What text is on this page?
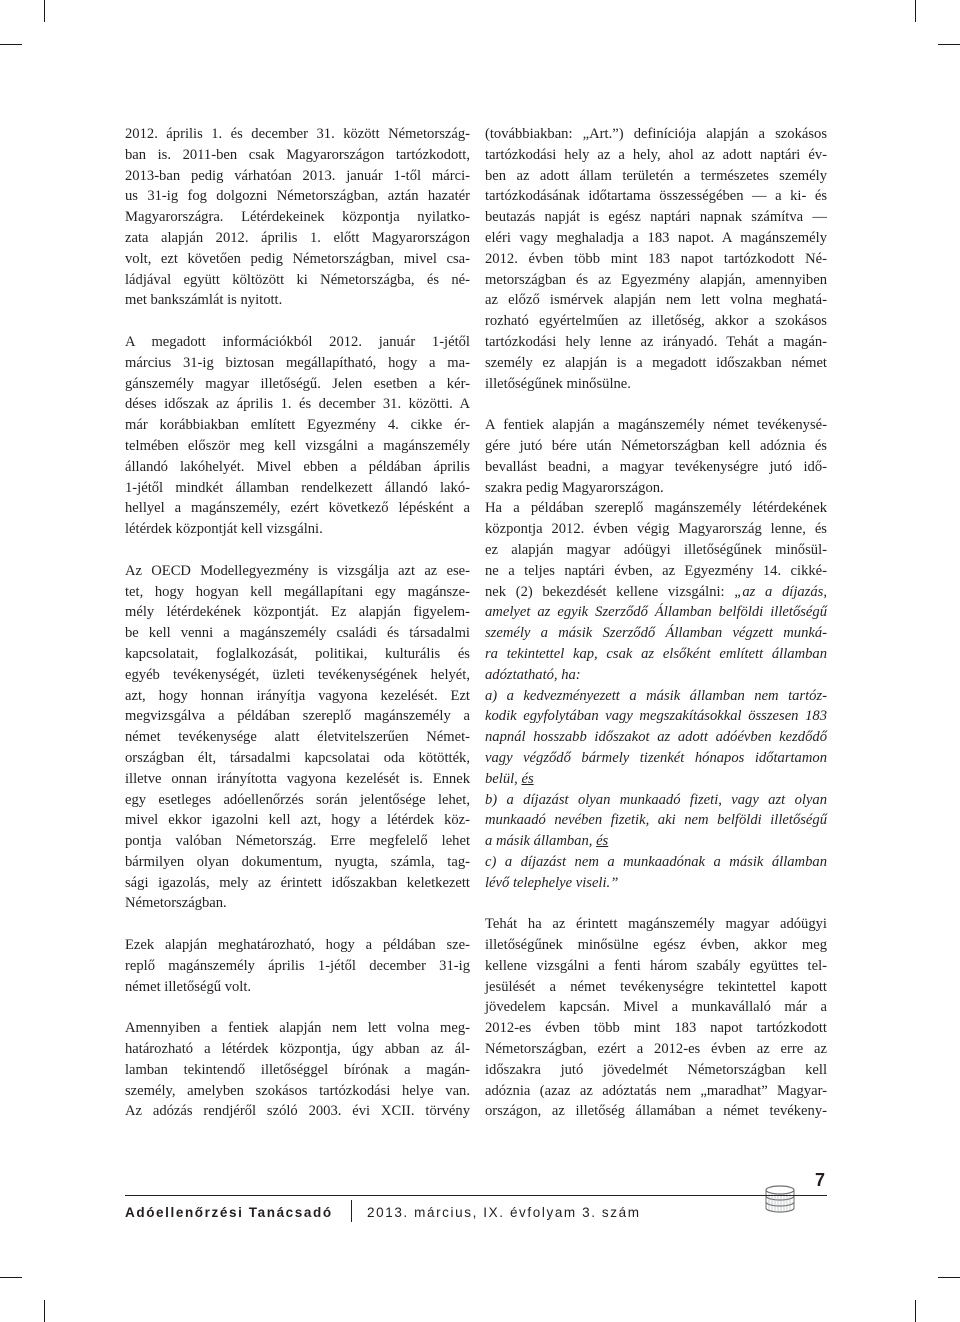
2012. április 1. és december 31. között Németország-
ban is. 2011-ben csak Magyarországon tartózkodott,
2013-ban pedig várhatóan 2013. január 1-től márci-
us 31-ig fog dolgozni Németországban, aztán hazatér
Magyarországra. Létérdekeinek központja nyilatko-
zata alapján 2012. április 1. előtt Magyarországon
volt, ezt követően pedig Németországban, mivel csa-
ládjával együtt költözött ki Németországba, és né-
met bankszámlát is nyitott.
A megadott információkból 2012. január 1-jétől
március 31-ig biztosan megállapítható, hogy a ma-
gánszemély magyar illetőségű. Jelen esetben a kér-
déses időszak az április 1. és december 31. közötti. A
már korábbiakban említett Egyezmény 4. cikke ér-
telmében először meg kell vizsgálni a magánszemély
állandó lakóhelyét. Mivel ebben a példában április
1-jétől mindkét államban rendelkezett állandó lakó-
hellyel a magánszemély, ezért következő lépésként a
létérdek központját kell vizsgálni.
Az OECD Modellegyezmény is vizsgálja azt az ese-
tet, hogy hogyan kell megállapítani egy magánsze-
mély létérdekének központját. Ez alapján figyelem-
be kell venni a magánszemély családi és társadalmi
kapcsolatait, foglalkozását, politikai, kulturális és
egyéb tevékenységét, üzleti tevékenységének helyét,
azt, hogy honnan irányítja vagyona kezelését. Ezt
megvizsgálva a példában szereplő magánszemély a
német tevékenysége alatt életvitelszerűen Német-
országban élt, társadalmi kapcsolatai oda kötötték,
illetve onnan irányította vagyona kezelését is. Ennek
egy esetleges adóellenőrzés során jelentősége lehet,
mivel ekkor igazolni kell azt, hogy a létérdek köz-
pontja valóban Németország. Erre megfelelő lehet
bármilyen olyan dokumentum, nyugta, számla, tag-
sági igazolás, mely az érintett időszakban keletkezett
Németországban.
Ezek alapján meghatározható, hogy a példában sze-
replő magánszemély április 1-jétől december 31-ig
német illetőségű volt.
Amennyiben a fentiek alapján nem lett volna meg-
határozható a létérdek központja, úgy abban az ál-
lamban tekintendő illetőséggel bírónak a magán-
személy, amelyben szokásos tartózkodási helye van.
Az adózás rendjéről szóló 2003. évi XCII. törvény
(továbbiakban: „Art.”) definíciója alapján a szokásos
tartózkodási hely az a hely, ahol az adott naptári év-
ben az adott állam területén a természetes személy
tartózkodásának időtartama összességében — a ki- és
beutazás napját is egész naptári napnak számítva —
eléri vagy meghaladja a 183 napot. A magánszemély
2012. évben több mint 183 napot tartózkodott Né-
metországban és az Egyezmény alapján, amennyiben
az előző ismérvek alapján nem lett volna meghatá-
rozható egyértelműen az illetőség, akkor a szokásos
tartózkodási hely lenne az irányadó. Tehát a magán-
személy ez alapján is a megadott időszakban német
illetőségűnek minősülne.
A fentiek alapján a magánszemély német tevékenysé-
gére jutó bére után Németországban kell adóznia és
bevallást beadni, a magyar tevékenységre jutó idő-
szakra pedig Magyarországon.
Ha a példában szereplő magánszemély létérdekének
központja 2012. évben végig Magyarország lenne, és
ez alapján magyar adóügyi illetőségűnek minősül-
ne a teljes naptári évben, az Egyezmény 14. cikké-
nek (2) bekezdését kellene vizsgálni: „az a díjazás,
amelyet az egyik Szerződő Államban belföldi illetőségű
személy a másik Szerződő Államban végzett munká-
ra tekintettel kap, csak az elsőként említett államban
adóztatható, ha:
a) a kedvezményezett a másik államban nem tartóz-
kodik egyfolytában vagy megszakításokkal összesen 183
napnál hosszabb időszakot az adott adóévben kezdődő
vagy végződő bármely tizenkét hónapos időtartamon
belül, és
b) a díjazást olyan munkaadó fizeti, vagy azt olyan
munkaadó nevében fizetik, aki nem belföldi illetőségű
a másik államban, és
c) a díjazást nem a munkaadónak a másik államban
lévő telephelye viseli.”
Tehát ha az érintett magánszemély magyar adóügyi
illetőségűnek minősülne egész évben, akkor meg
kellene vizsgálni a fenti három szabály együttes tel-
jesülését a német tevékenységre tekintettel kapott
jövedelem kapcsán. Mivel a munkavállaló már a
2012-es évben több mint 183 napot tartózkodott
Németországban, ezért a 2012-es évben az erre az
időszakra jutó jövedelmét Németországban kell
adóznia (azaz az adóztatás nem „maradhat” Magyar-
országon, az illetőség államában a német tevékeny-
7
Adóellenőrzési Tanácsadó	2013. március, IX. évfolyam 3. szám
